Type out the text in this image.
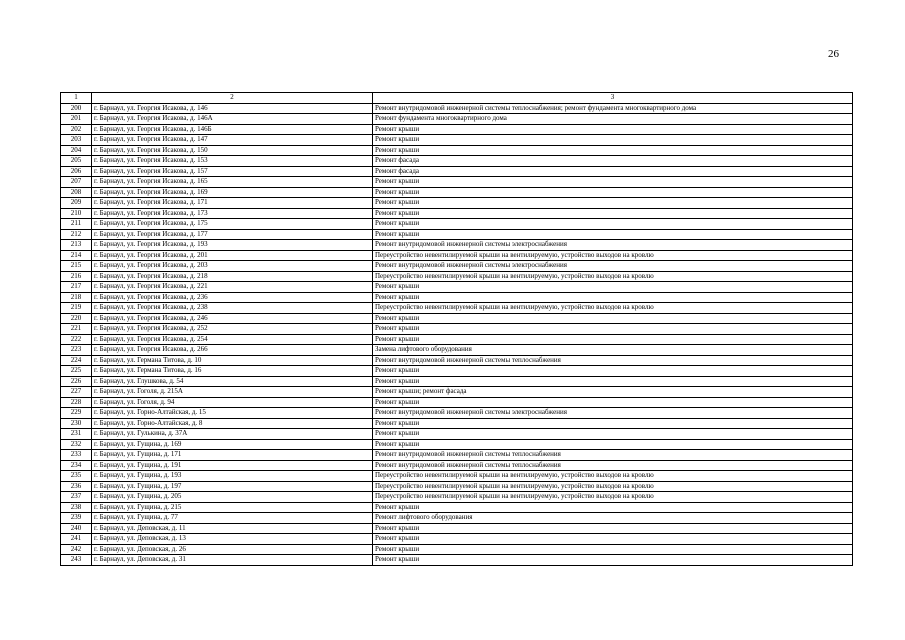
26
1	2	3
200	г. Барнаул, ул. Георгия Исакова, д. 146	Ремонт внутридомовой инженерной системы теплоснабжения; ремонт фундамента многоквартирного дома
201	г. Барнаул, ул. Георгия Исакова, д. 146А	Ремонт фундамента многоквартирного дома
202	г. Барнаул, ул. Георгия Исакова, д. 146Б	Ремонт крыши
203	г. Барнаул, ул. Георгия Исакова, д. 147	Ремонт крыши
204	г. Барнаул, ул. Георгия Исакова, д. 150	Ремонт крыши
205	г. Барнаул, ул. Георгия Исакова, д. 153	Ремонт фасада
206	г. Барнаул, ул. Георгия Исакова, д. 157	Ремонт фасада
207	г. Барнаул, ул. Георгия Исакова, д. 165	Ремонт крыши
208	г. Барнаул, ул. Георгия Исакова, д. 169	Ремонт крыши
209	г. Барнаул, ул. Георгия Исакова, д. 171	Ремонт крыши
210	г. Барнаул, ул. Георгия Исакова, д. 173	Ремонт крыши
211	г. Барнаул, ул. Георгия Исакова, д. 175	Ремонт крыши
212	г. Барнаул, ул. Георгия Исакова, д. 177	Ремонт крыши
213	г. Барнаул, ул. Георгия Исакова, д. 193	Ремонт внутридомовой инженерной системы электроснабжения
214	г. Барнаул, ул. Георгия Исакова, д. 201	Переустройство невентилируемой крыши на вентилируемую, устройство выходов на кровлю
215	г. Барнаул, ул. Георгия Исакова, д. 203	Ремонт внутридомовой инженерной системы электроснабжения
216	г. Барнаул, ул. Георгия Исакова, д. 218	Переустройство невентилируемой крыши на вентилируемую, устройство выходов на кровлю
217	г. Барнаул, ул. Георгия Исакова, д. 221	Ремонт крыши
218	г. Барнаул, ул. Георгия Исакова, д. 236	Ремонт крыши
219	г. Барнаул, ул. Георгия Исакова, д. 238	Переустройство невентилируемой крыши на вентилируемую, устройство выходов на кровлю
220	г. Барнаул, ул. Георгия Исакова, д. 246	Ремонт крыши
221	г. Барнаул, ул. Георгия Исакова, д. 252	Ремонт крыши
222	г. Барнаул, ул. Георгия Исакова, д. 254	Ремонт крыши
223	г. Барнаул, ул. Георгия Исакова, д. 266	Замена лифтового оборудования
224	г. Барнаул, ул. Германа Титова, д. 10	Ремонт внутридомовой инженерной системы теплоснабжения
225	г. Барнаул, ул. Германа Титова, д. 16	Ремонт крыши
226	г. Барнаул, ул. Глушкова, д. 54	Ремонт крыши
227	г. Барнаул, ул. Гоголя, д. 215А	Ремонт крыши; ремонт фасада
228	г. Барнаул, ул. Гоголя, д. 94	Ремонт крыши
229	г. Барнаул, ул. Горно-Алтайская, д. 15	Ремонт внутридомовой инженерной системы электроснабжения
230	г. Барнаул, ул. Горно-Алтайская, д. 8	Ремонт крыши
231	г. Барнаул, ул. Гулькина, д. 37А	Ремонт крыши
232	г. Барнаул, ул. Гущина, д. 169	Ремонт крыши
233	г. Барнаул, ул. Гущина, д. 171	Ремонт внутридомовой инженерной системы теплоснабжения
234	г. Барнаул, ул. Гущина, д. 191	Ремонт внутридомовой инженерной системы теплоснабжения
235	г. Барнаул, ул. Гущина, д. 193	Переустройство невентилируемой крыши на вентилируемую, устройство выходов на кровлю
236	г. Барнаул, ул. Гущина, д. 197	Переустройство невентилируемой крыши на вентилируемую, устройство выходов на кровлю
237	г. Барнаул, ул. Гущина, д. 205	Переустройство невентилируемой крыши на вентилируемую, устройство выходов на кровлю
238	г. Барнаул, ул. Гущина, д. 215	Ремонт крыши
239	г. Барнаул, ул. Гущина, д. 77	Ремонт лифтового оборудования
240	г. Барнаул, ул. Деповская, д. 11	Ремонт крыши
241	г. Барнаул, ул. Деповская, д. 13	Ремонт крыши
242	г. Барнаул, ул. Деповская, д. 26	Ремонт крыши
243	г. Барнаул, ул. Деповская, д. 31	Ремонт крыши
